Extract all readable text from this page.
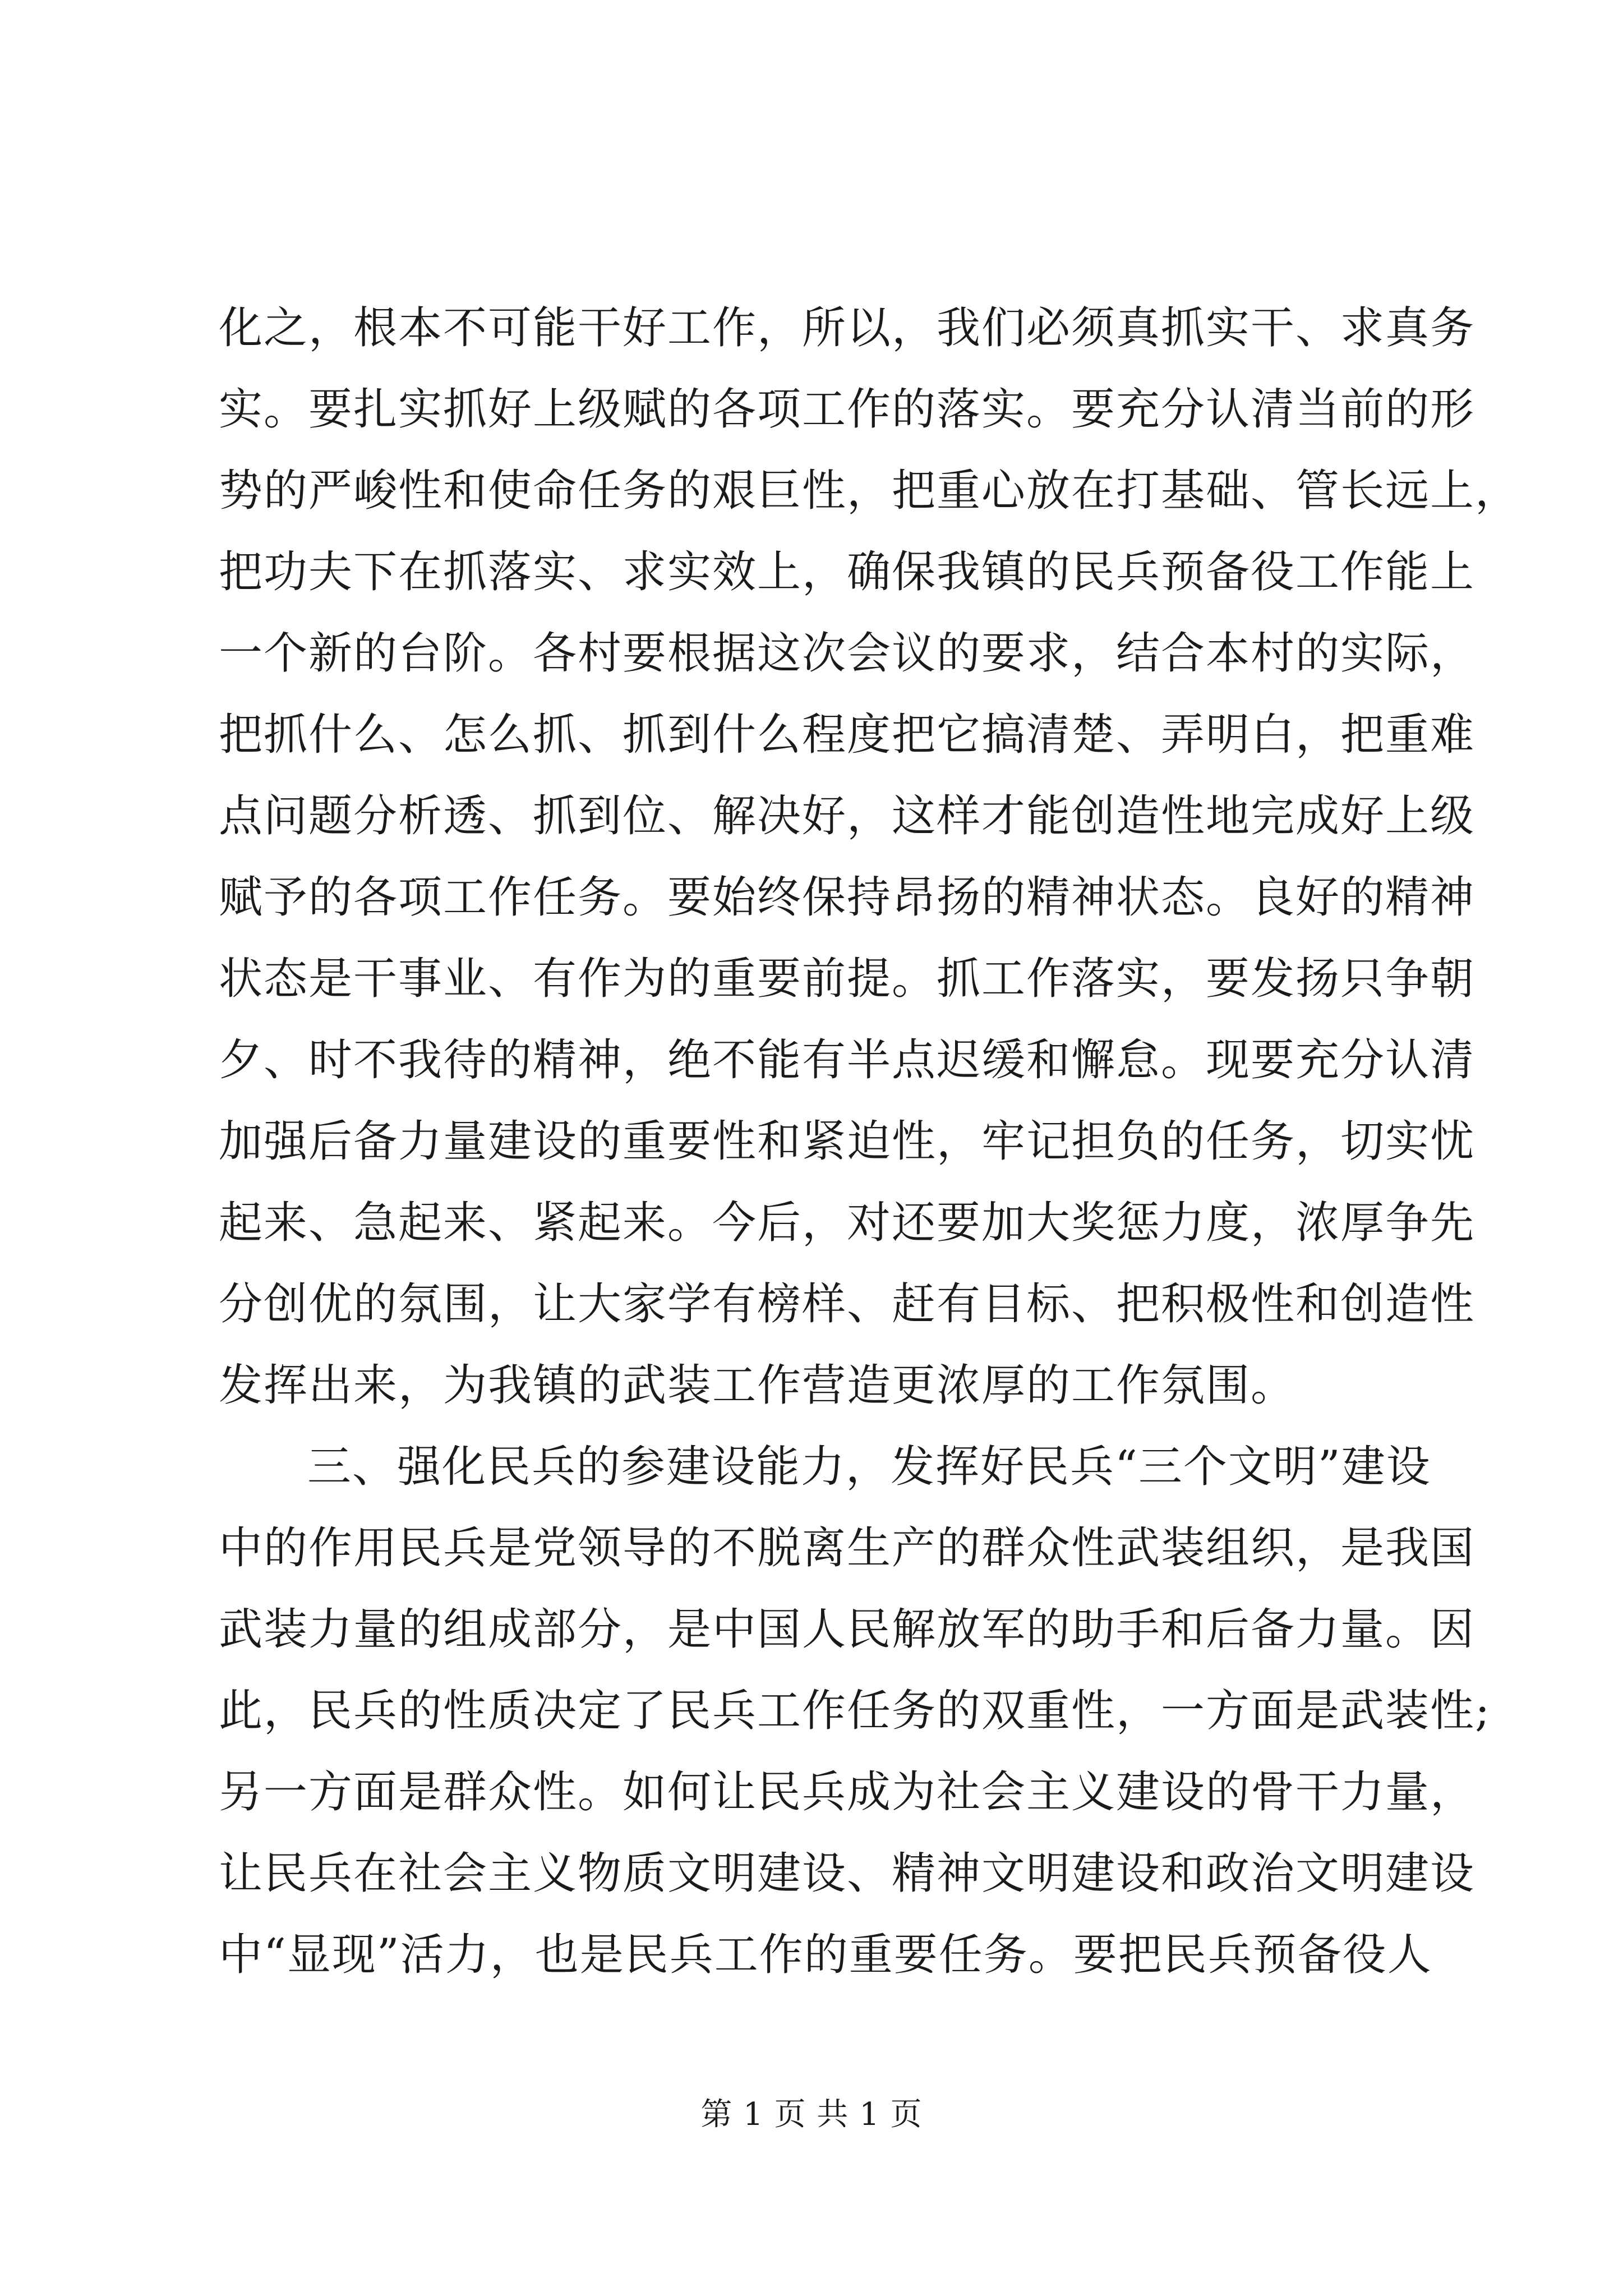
化之，根本不可能干好工作，所以，我们必须真抓实干、求真务
实。要扎实抓好上级赋的各项工作的落实。要充分认清当前的形
势的严峻性和使命任务的艰巨性，把重心放在打基础、管长远上，
把功夫下在抓落实、求实效上，确保我镇的民兵预备役工作能上
一个新的台阶。各村要根据这次会议的要求，结合本村的实际，
把抓什么、怎么抓、抓到什么程度把它搞清楚、弄明白，把重难
点问题分析透、抓到位、解决好，这样才能创造性地完成好上级
赋予的各项工作任务。要始终保持昂扬的精神状态。良好的精神
状态是干事业、有作为的重要前提。抓工作落实，要发扬只争朝
夕、时不我待的精神，绝不能有半点迟缓和懈怠。现要充分认清
加强后备力量建设的重要性和紧迫性，牢记担负的任务，切实忧
起来、急起来、紧起来。今后，对还要加大奖惩力度，浓厚争先
分创优的氛围，让大家学有榜样、赶有目标、把积极性和创造性
发挥出来，为我镇的武装工作营造更浓厚的工作氛围。
三、强化民兵的参建设能力，发挥好民兵“三个文明”建设
中的作用民兵是党领导的不脱离生产的群众性武装组织，是我国
武装力量的组成部分，是中国人民解放军的助手和后备力量。因
此，民兵的性质决定了民兵工作任务的双重性，一方面是武装性;
另一方面是群众性。如何让民兵成为社会主义建设的骨干力量，
让民兵在社会主义物质文明建设、精神文明建设和政治文明建设
中“显现”活力，也是民兵工作的重要任务。要把民兵预备役人
第 1 页 共 1 页
